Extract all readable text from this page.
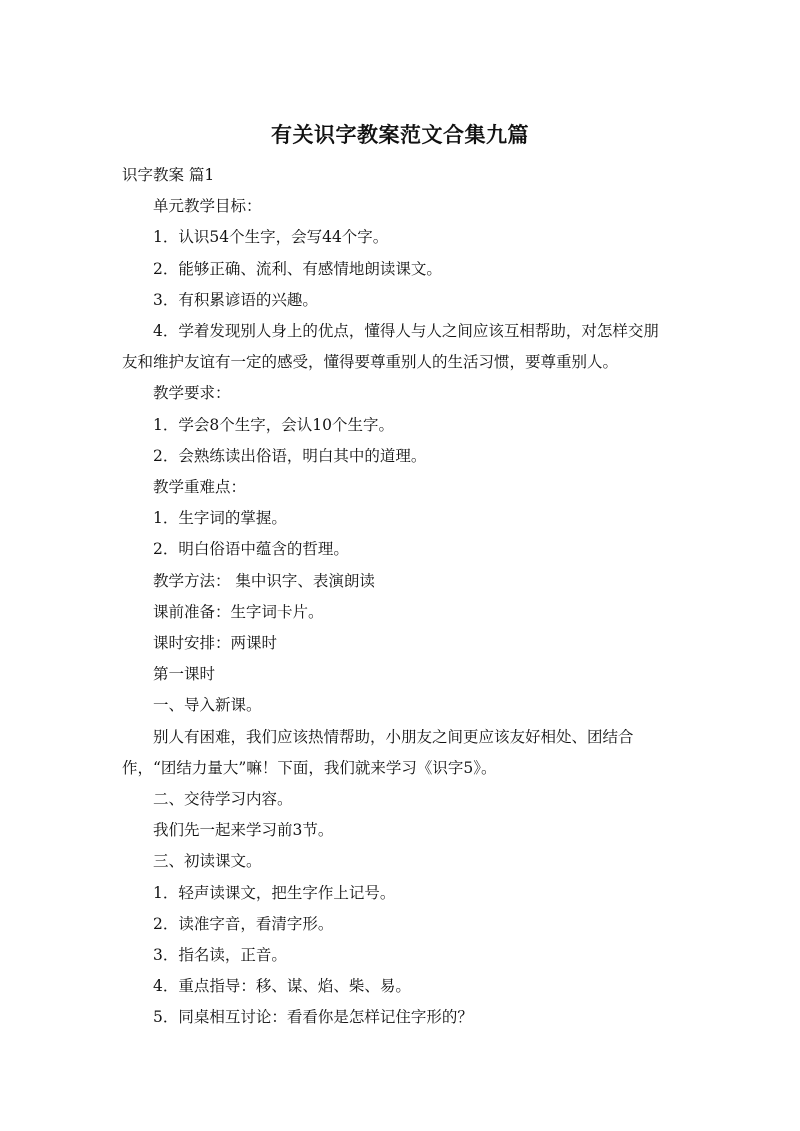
有关识字教案范文合集九篇
识字教案 篇1
单元教学目标：
1．认识54个生字，会写44个字。
2．能够正确、流利、有感情地朗读课文。
3．有积累谚语的兴趣。
4．学着发现别人身上的优点，懂得人与人之间应该互相帮助，对怎样交朋
友和维护友谊有一定的感受，懂得要尊重别人的生活习惯，要尊重别人。
教学要求：
1．学会8个生字，会认10个生字。
2．会熟练读出俗语，明白其中的道理。
教学重难点：
1．生字词的掌握。
2．明白俗语中蕴含的哲理。
教学方法： 集中识字、表演朗读
课前准备：生字词卡片。
课时安排：两课时
第一课时
一、导入新课。
别人有困难，我们应该热情帮助，小朋友之间更应该友好相处、团结合
作，“团结力量大”嘛！下面，我们就来学习《识字5》。
二、交待学习内容。
我们先一起来学习前3节。
三、初读课文。
1．轻声读课文，把生字作上记号。
2．读准字音，看清字形。
3．指名读，正音。
4．重点指导：移、谋、焰、柴、易。
5．同桌相互讨论：看看你是怎样记住字形的？
